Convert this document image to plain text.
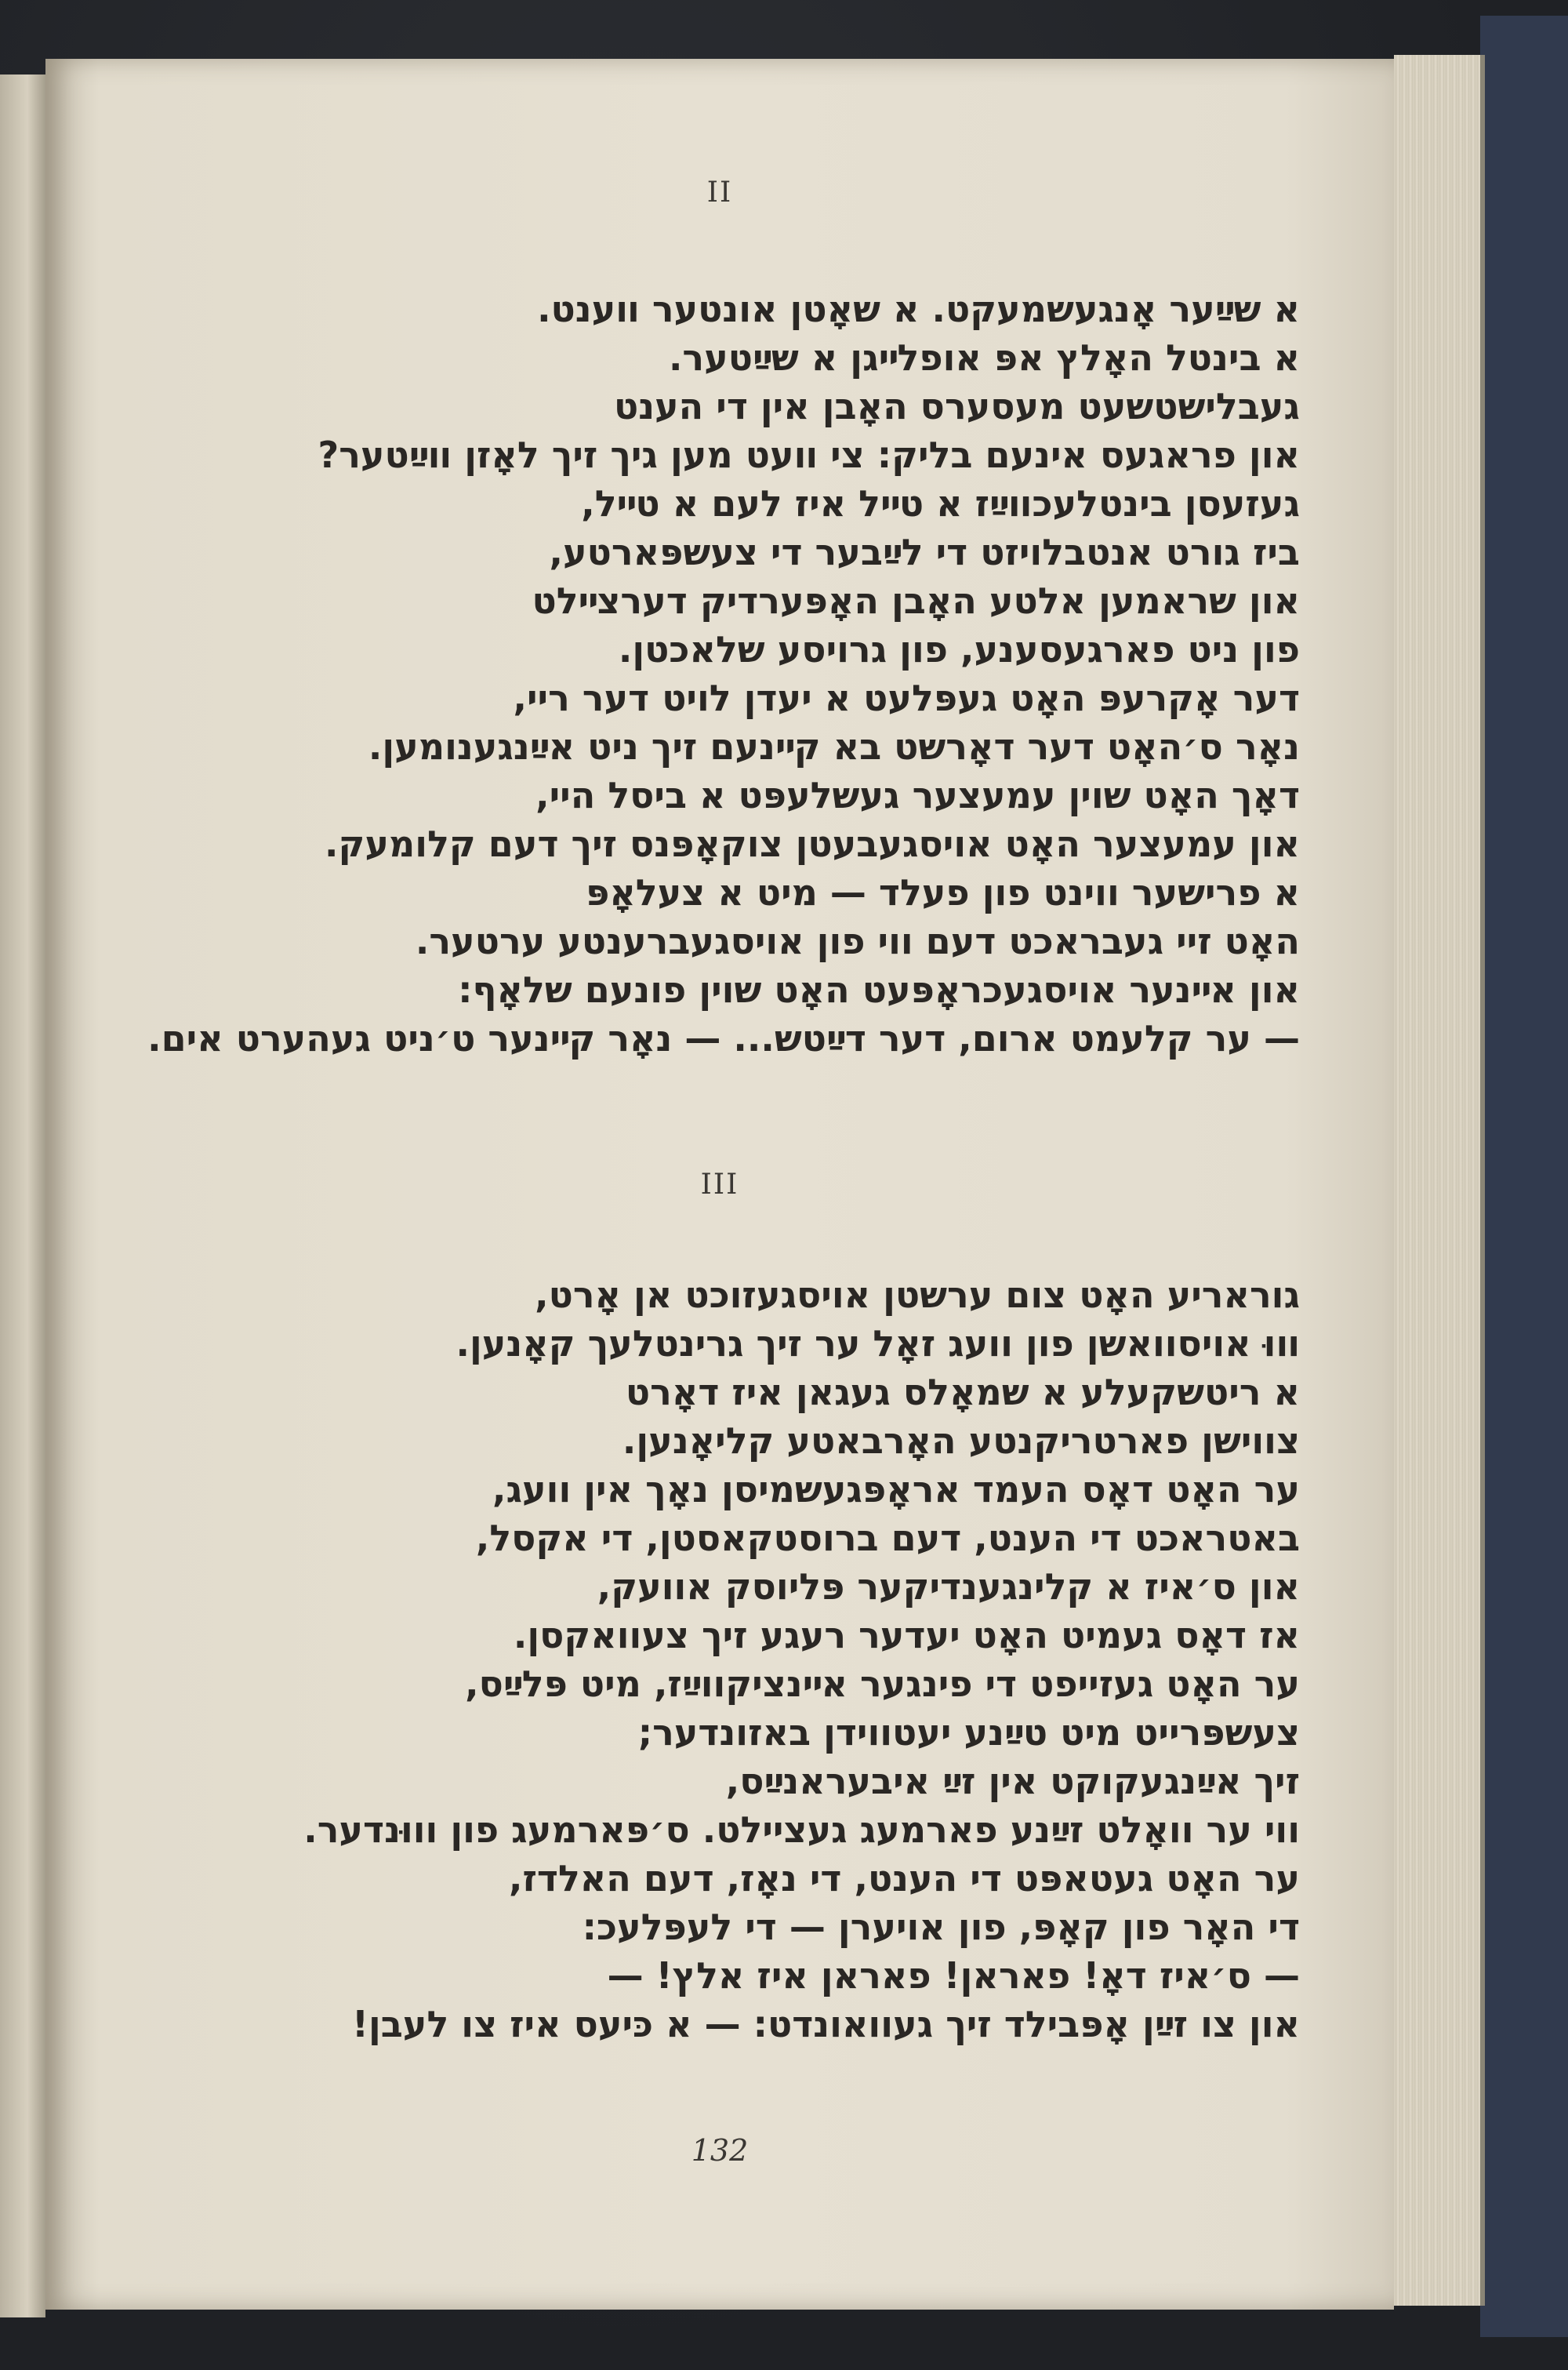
II
א שײַער אָנגעשמעקט. א שאָטן אונטער װענט.
א בינטל האָלץ אפּ אופלײגן א שײַטער.
געבלישטשעט מעסערס האָבן אין די הענט
און פראגעס אינעם בליק: צי װעט מען גיך זיך לאָזן װײַטער?
געזעסן בינטלעכװײַז א טײל איז לעם א טײל,
ביז גורט אנטבלויזט די לײַבער די צעשפּארטע,
און שראמען אלטע האָבן האָפּערדיק דערצײלט
פון ניט פארגעסענע, פון גרויסע שלאכטן.
דער אָקרעפּ האָט געפּלעט א יעדן לויט דער ריי,
נאָר ס׳האָט דער דאָרשט בא קײנעם זיך ניט אײַנגענומען.
דאָך האָט שוין עמעצער געשלעפּט א ביסל היי,
און עמעצער האָט אויסגעבעטן צוקאָפּנס זיך דעם קלומעק.
א פרישער ווינט פון פעלד — מיט א צעלאָפּ
האָט זיי געבראכט דעם ווי פון אויסגעברענטע ערטער.
און אײנער אויסגעכראָפּעט האָט שוין פונעם שלאָף:
— ער קלעמט ארום, דער דײַטש... — נאָר קײנער ט׳ניט געהערט אים.
III
גוראריע האָט צום ערשטן אויסגעזוכט אן אָרט,
װוּ אויסוואשן פון וועג זאָל ער זיך גרינטלעך קאָנען.
א ריטשקעלע א שמאָלס געגאן איז דאָרט
צווישן פארטריקנטע האָרבאטע קליאָנען.
ער האָט דאָס העמד אראָפּגעשמיסן נאָך אין וועג,
באטראכט די הענט, דעם ברוסטקאסטן, די אקסל,
און ס׳איז א קלינגענדיקער פּליוסק אוועק,
אז דאָס געמיט האָט יעדער רעגע זיך צעוואקסן.
ער האָט געזייפט די פינגער אײנציקווײַז, מיט פּלײַס,
צעשפּרייט מיט טײַנע יעטווידן באזונדער;
זיך אײַנגעקוקט אין זײַ איבעראנײַס,
ווי ער וואָלט זײַנע פארמעג געציילט. ס׳פּארמעג פון וווּנדער.
ער האָט געטאפּט די הענט, די נאָז, דעם האלדז,
די האָר פון קאָפּ, פון אויערן — די לעפּלעכ:
— ס׳איז דאָ! פאראן! פאראן איז אלץ! —
און צו זײַן אָפּבילד זיך געוואונדט: — א כּיעס איז צו לעבן!
132
